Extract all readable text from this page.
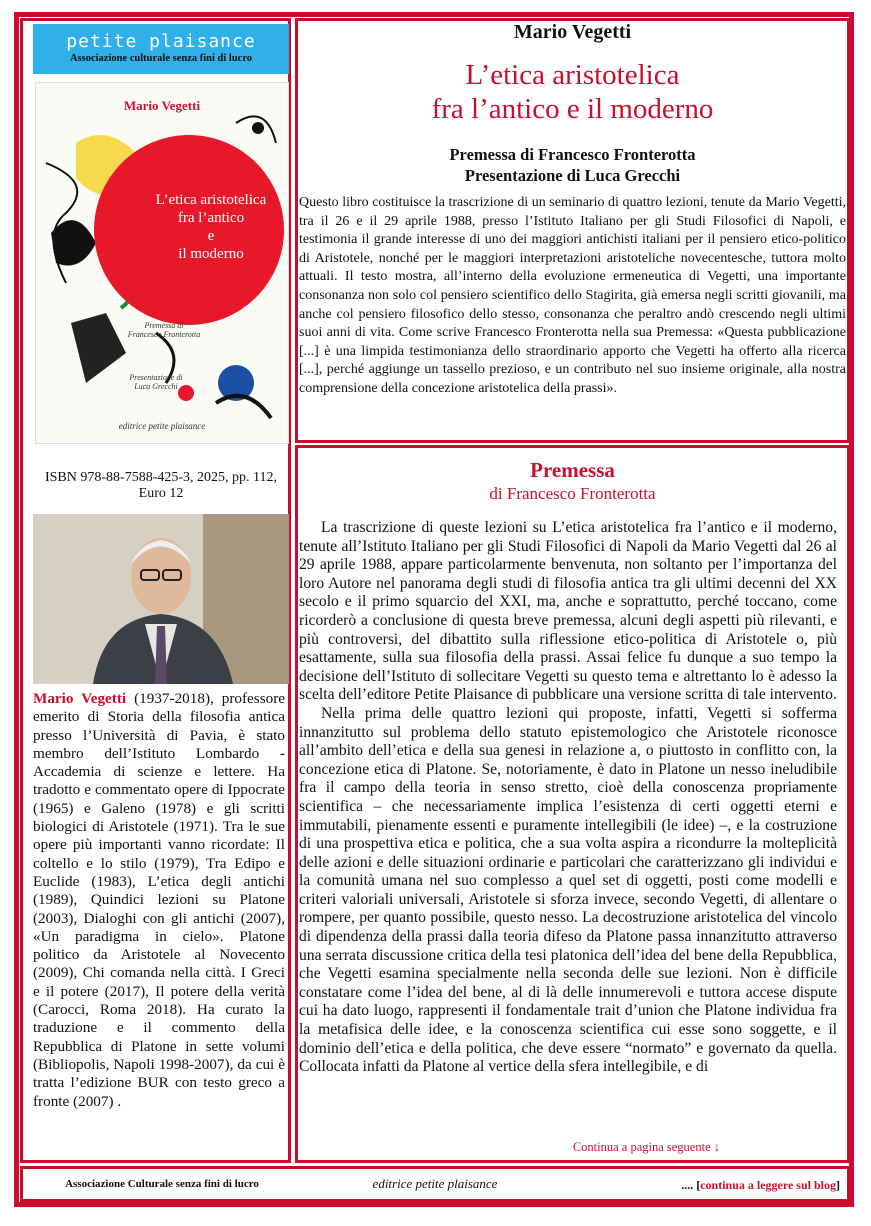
petite plaisance
Associazione culturale senza fini di lucro
Mario Vegetti
L’etica aristotelica
fra l’antico
e
il moderno
Premessa di
Francesco Fronterotta
Presentazione di
Luca Grecchi
editrice petite plaisance
ISBN 978-88-7588-425-3, 2025, pp. 112,
Euro 12
Mario Vegetti (1937-2018), professore emerito di Storia della filosofia antica presso l’Università di Pavia, è stato membro dell’Istituto Lombardo - Accademia di scienze e lettere. Ha tradotto e commentato opere di Ippocrate (1965) e Galeno (1978) e gli scritti biologici di Aristotele (1971). Tra le sue opere più importanti vanno ricordate: Il coltello e lo stilo (1979), Tra Edipo e Euclide (1983), L’etica degli antichi (1989), Quindici lezioni su Platone (2003), Dialoghi con gli antichi (2007), «Un paradigma in cielo». Platone politico da Aristotele al Novecento (2009), Chi comanda nella città. I Greci e il potere (2017), Il potere della verità (Carocci, Roma 2018). Ha curato la traduzione e il commento della Repubblica di Platone in sette volumi (Bibliopolis, Napoli 1998-2007), da cui è tratta l’edizione BUR con testo greco a fronte (2007) .
Mario Vegetti
L’etica aristotelica
fra l’antico e il moderno
Premessa di Francesco Fronterotta
Presentazione di Luca Grecchi
Questo libro costituisce la trascrizione di un seminario di quattro lezioni, tenute da Mario Vegetti, tra il 26 e il 29 aprile 1988, presso l’Istituto Italiano per gli Studi Filosofici di Napoli, e testimonia il grande interesse di uno dei maggiori antichisti italiani per il pensiero etico-politico di Aristotele, nonché per le maggiori interpretazioni aristoteliche novecentesche, tuttora molto attuali. Il testo mostra, all’interno della evoluzione ermeneutica di Vegetti, una importante consonanza non solo col pensiero scientifico dello Stagirita, già emersa negli scritti giovanili, ma anche col pensiero filosofico dello stesso, consonanza che peraltro andò crescendo negli ultimi suoi anni di vita. Come scrive Francesco Fronterotta nella sua Premessa: «Questa pubblicazione [...] è una limpida testimonianza dello straordinario apporto che Vegetti ha offerto alla ricerca [...], perché aggiunge un tassello prezioso, e un contributo nel suo insieme originale, alla nostra comprensione della concezione aristotelica della prassi».
Premessa
di Francesco Fronterotta

La trascrizione di queste lezioni su L’etica aristotelica fra l’antico e il moderno, tenute all’Istituto Italiano per gli Studi Filosofici di Napoli da Mario Vegetti dal 26 al 29 aprile 1988, appare particolarmente benvenuta, non soltanto per l’importanza del loro Autore nel panorama degli studi di filosofia antica tra gli ultimi decenni del XX secolo e il primo squarcio del XXI, ma, anche e soprattutto, perché toccano, come ricorderò a conclusione di questa breve premessa, alcuni degli aspetti più rilevanti, e più controversi, del dibattito sulla riflessione etico-politica di Aristotele o, più esattamente, sulla sua filosofia della prassi. Assai felice fu dunque a suo tempo la decisione dell’Istituto di sollecitare Vegetti su questo tema e altrettanto lo è adesso la scelta dell’editore Petite Plaisance di pubblicare una versione scritta di tale intervento.

Nella prima delle quattro lezioni qui proposte, infatti, Vegetti si sofferma innanzitutto sul problema dello statuto epistemologico che Aristotele riconosce all’ambito dell’etica e della sua genesi in relazione a, o piuttosto in conflitto con, la concezione etica di Platone. Se, notoriamente, è dato in Platone un nesso ineludibile fra il campo della teoria in senso stretto, cioè della conoscenza propriamente scientifica – che necessariamente implica l’esistenza di certi oggetti eterni e immutabili, pienamente essenti e puramente intellegibili (le idee) –, e la costruzione di una prospettiva etica e politica, che a sua volta aspira a ricondurre la molteplicità delle azioni e delle situazioni ordinarie e particolari che caratterizzano gli individui e la comunità umana nel suo complesso a quel set di oggetti, posti come modelli e criteri valoriali universali, Aristotele si sforza invece, secondo Vegetti, di allentare o rompere, per quanto possibile, questo nesso. La decostruzione aristotelica del vincolo di dipendenza della prassi dalla teoria difeso da Platone passa innanzitutto attraverso una serrata discussione critica della tesi platonica dell’idea del bene della Repubblica, che Vegetti esamina specialmente nella seconda delle sue lezioni. Non è difficile constatare come l’idea del bene, al di là delle innumerevoli e tuttora accese dispute cui ha dato luogo, rappresenti il fondamentale trait d’union che Platone individua fra la metafisica delle idee, e la conoscenza scientifica cui esse sono soggette, e il dominio dell’etica e della politica, che deve essere “normato” e governato da quella. Collocata infatti da Platone al vertice della sfera intellegibile, e di

Continua a pagina seguente ↓
Associazione Culturale senza fini di lucro	editrice petite plaisance	.... [continua a leggere sul blog]
